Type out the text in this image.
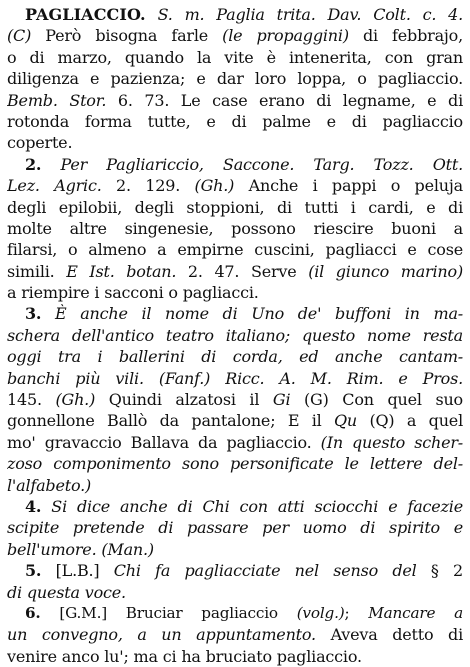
PAGLIACCIO. S. m. Paglia trita. Dav. Colt. c. 4.
(C) Però bisogna farle (le propaggini) di febbrajo,
o di marzo, quando la vite è intenerita, con gran
diligenza e pazienza; e dar loro loppa, o pagliaccio.
Bemb. Stor. 6. 73. Le case erano di legname, e di
rotonda forma tutte, e di palme e di pagliaccio
coperte.
2. Per Pagliariccio, Saccone. Targ. Tozz. Ott.
Lez. Agric. 2. 129. (Gh.) Anche i pappi o peluja
degli epilobii, degli stoppioni, di tutti i cardi, e di
molte altre singenesie, possono riescire buoni a
filarsi, o almeno a empirne cuscini, pagliacci e cose
simili. E Ist. botan. 2. 47. Serve (il giunco marino)
a riempire i sacconi o pagliacci.
3. È anche il nome di Uno de' buffoni in ma-
schera dell'antico teatro italiano; questo nome resta
oggi tra i ballerini di corda, ed anche cantam-
banchi più vili. (Fanf.) Ricc. A. M. Rim. e Pros.
145. (Gh.) Quindi alzatosi il Gi (G) Con quel suo
gonnellone Ballò da pantalone; E il Qu (Q) a quel
mo' gravaccio Ballava da pagliaccio. (In questo scher-
zoso componimento sono personificate le lettere del-
l'alfabeto.)
4. Si dice anche di Chi con atti sciocchi e facezie
scipite pretende di passare per uomo di spirito e
bell'umore. (Man.)
5. [L.B.] Chi fa pagliacciate nel senso del § 2
di questa voce.
6. [G.M.] Bruciar pagliaccio (volg.); Mancare a
un convegno, a un appuntamento. Aveva detto di
venire anco lu'; ma ci ha bruciato pagliaccio.
